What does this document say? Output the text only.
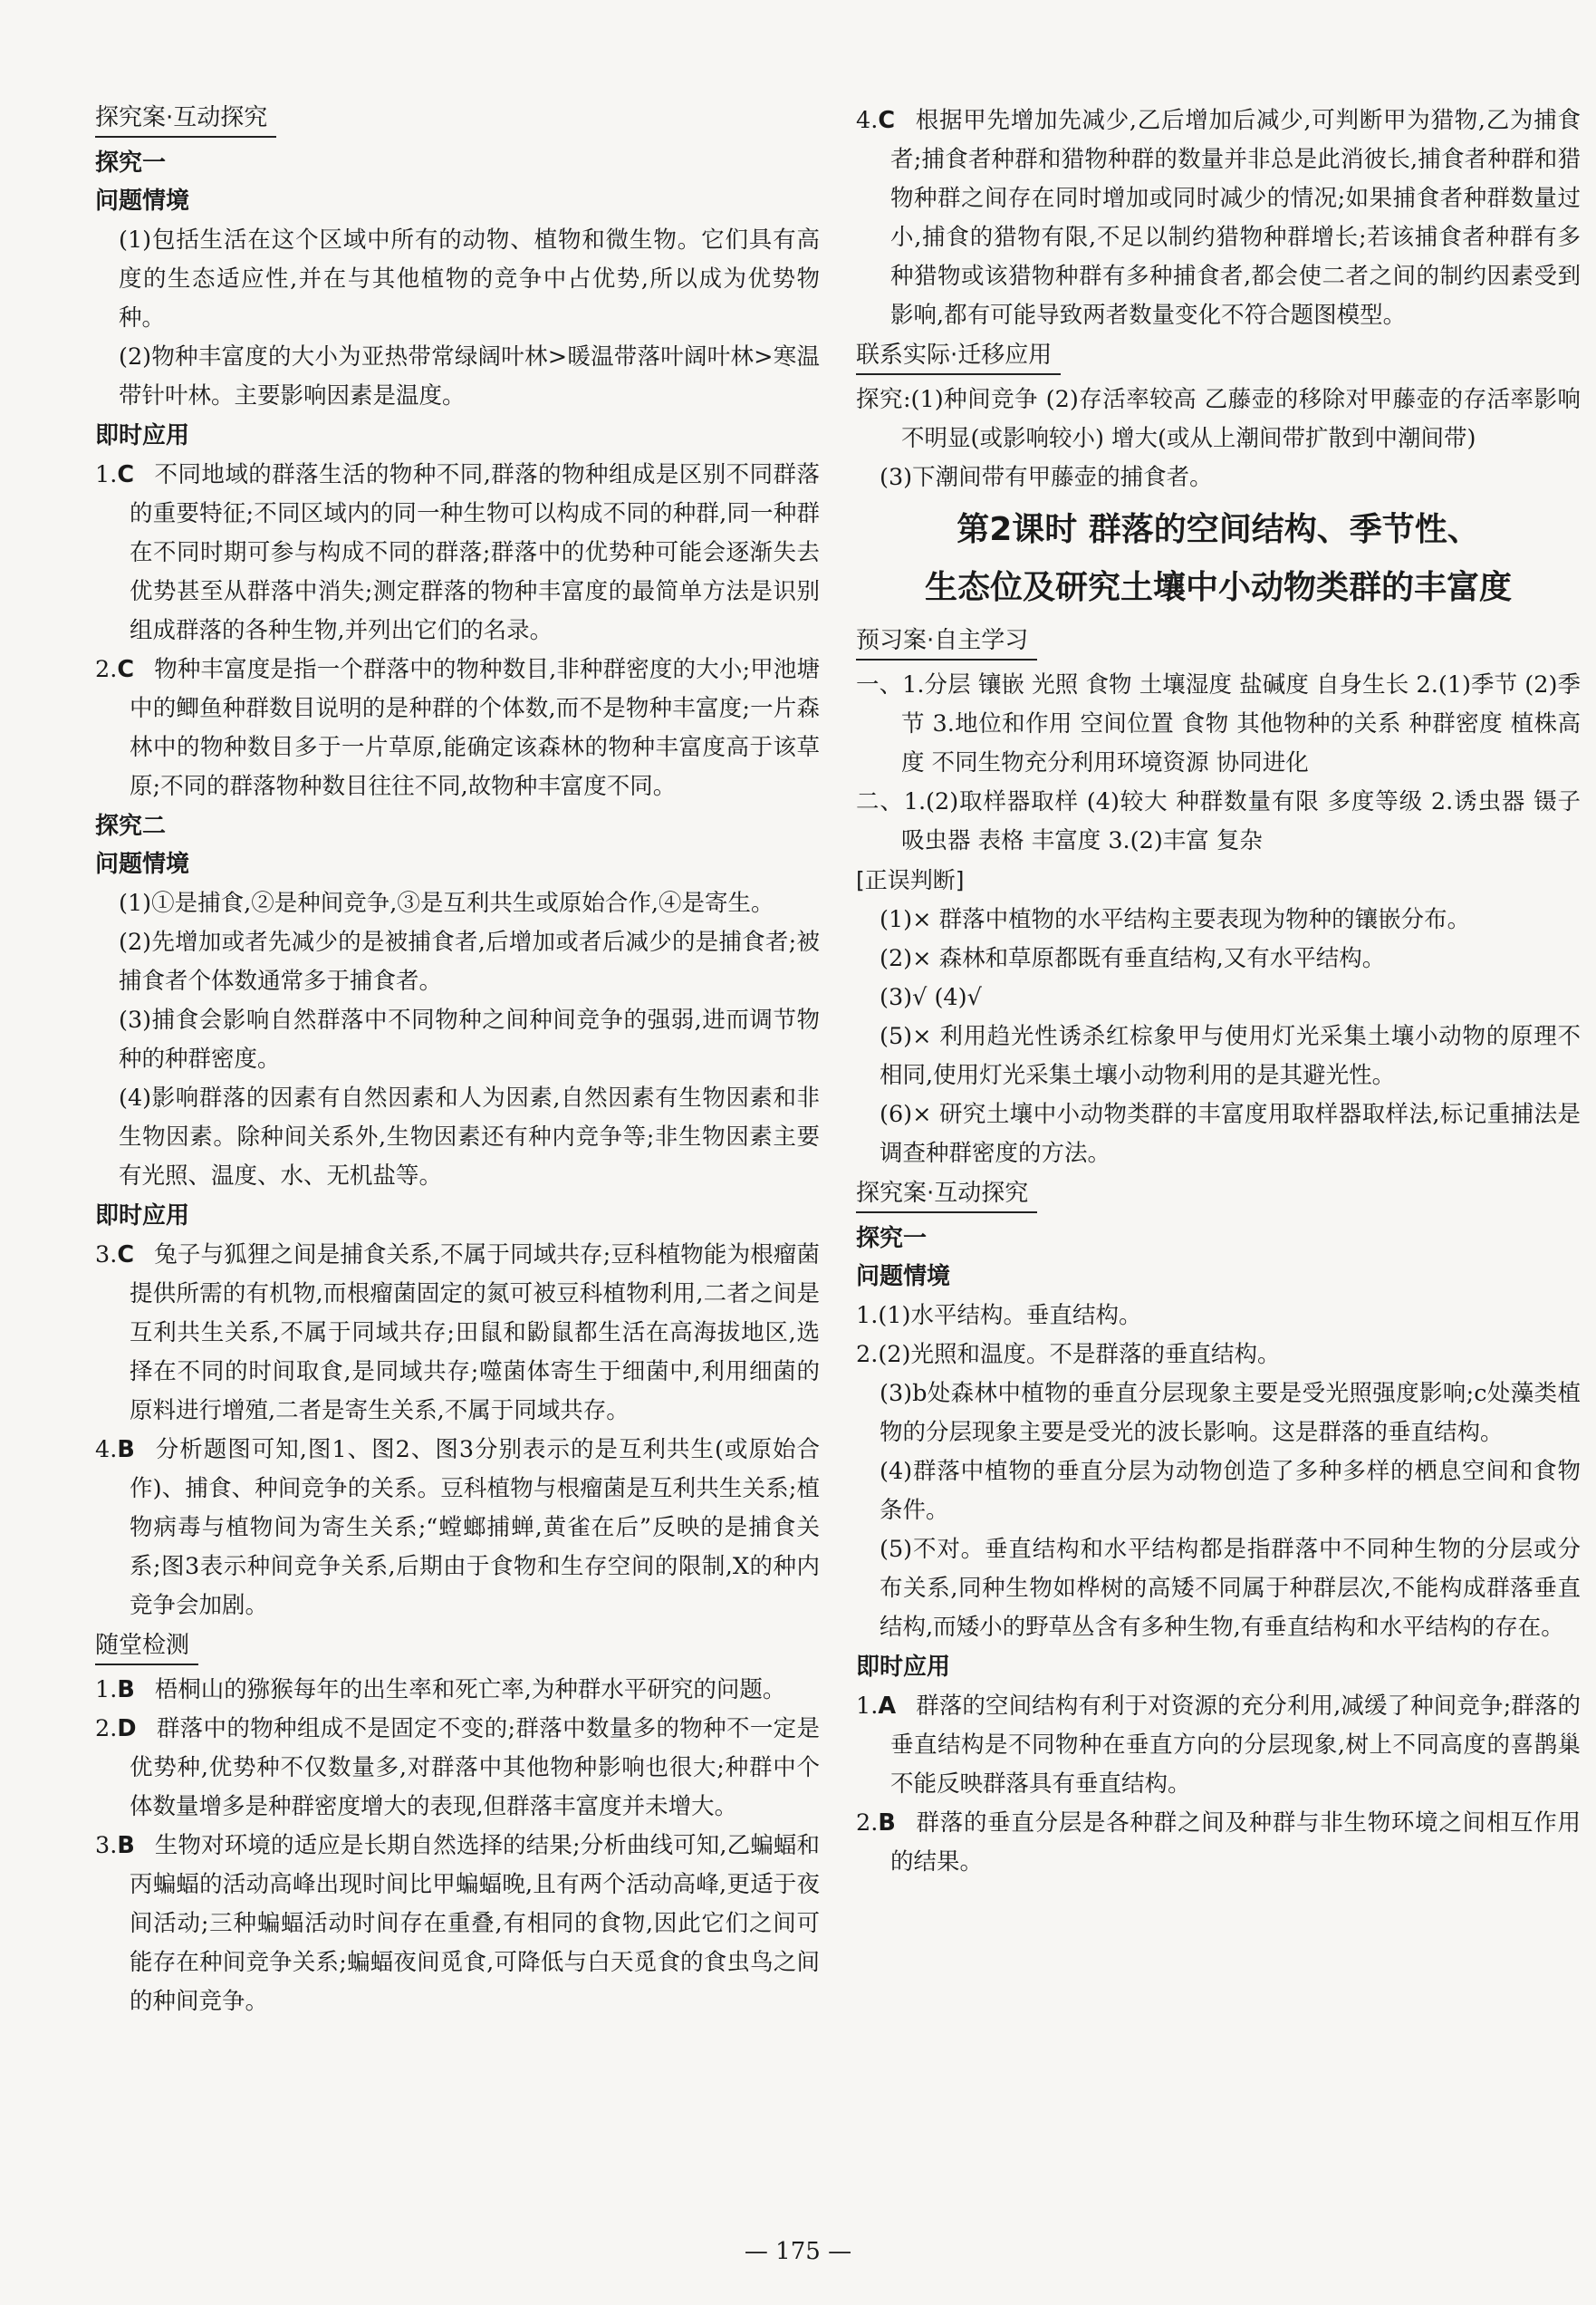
探究案·互动探究
探究一
问题情境

(1)包括生活在这个区域中所有的动物、植物和微生物。它们具有高度的生态适应性,并在与其他植物的竞争中占优势,所以成为优势物种。

(2)物种丰富度的大小为亚热带常绿阔叶林>暖温带落叶阔叶林>寒温带针叶林。主要影响因素是温度。

即时应用

1.C 不同地域的群落生活的物种不同,群落的物种组成是区别不同群落的重要特征;不同区域内的同一种生物可以构成不同的种群,同一种群在不同时期可参与构成不同的群落;群落中的优势种可能会逐渐失去优势甚至从群落中消失;测定群落的物种丰富度的最简单方法是识别组成群落的各种生物,并列出它们的名录。

2.C 物种丰富度是指一个群落中的物种数目,非种群密度的大小;甲池塘中的鲫鱼种群数目说明的是种群的个体数,而不是物种丰富度;一片森林中的物种数目多于一片草原,能确定该森林的物种丰富度高于该草原;不同的群落物种数目往往不同,故物种丰富度不同。

探究二
问题情境

(1)①是捕食,②是种间竞争,③是互利共生或原始合作,④是寄生。

(2)先增加或者先减少的是被捕食者,后增加或者后减少的是捕食者;被捕食者个体数通常多于捕食者。

(3)捕食会影响自然群落中不同物种之间种间竞争的强弱,进而调节物种的种群密度。

(4)影响群落的因素有自然因素和人为因素,自然因素有生物因素和非生物因素。除种间关系外,生物因素还有种内竞争等;非生物因素主要有光照、温度、水、无机盐等。

即时应用

3.C 兔子与狐狸之间是捕食关系,不属于同域共存;豆科植物能为根瘤菌提供所需的有机物,而根瘤菌固定的氮可被豆科植物利用,二者之间是互利共生关系,不属于同域共存;田鼠和鼢鼠都生活在高海拔地区,选择在不同的时间取食,是同域共存;噬菌体寄生于细菌中,利用细菌的原料进行增殖,二者是寄生关系,不属于同域共存。

4.B 分析题图可知,图1、图2、图3分别表示的是互利共生(或原始合作)、捕食、种间竞争的关系。豆科植物与根瘤菌是互利共生关系;植物病毒与植物间为寄生关系;“螳螂捕蝉,黄雀在后”反映的是捕食关系;图3表示种间竞争关系,后期由于食物和生存空间的限制,X的种内竞争会加剧。

随堂检测

1.B 梧桐山的猕猴每年的出生率和死亡率,为种群水平研究的问题。

2.D 群落中的物种组成不是固定不变的;群落中数量多的物种不一定是优势种,优势种不仅数量多,对群落中其他物种影响也很大;种群中个体数量增多是种群密度增大的表现,但群落丰富度并未增大。

3.B 生物对环境的适应是长期自然选择的结果;分析曲线可知,乙蝙蝠和丙蝙蝠的活动高峰出现时间比甲蝙蝠晚,且有两个活动高峰,更适于夜间活动;三种蝙蝠活动时间存在重叠,有相同的食物,因此它们之间可能存在种间竞争关系;蝙蝠夜间觅食,可降低与白天觅食的食虫鸟之间的种间竞争。

4.C 根据甲先增加先减少,乙后增加后减少,可判断甲为猎物,乙为捕食者;捕食者种群和猎物种群的数量并非总是此消彼长,捕食者种群和猎物种群之间存在同时增加或同时减少的情况;如果捕食者种群数量过小,捕食的猎物有限,不足以制约猎物种群增长;若该捕食者种群有多种猎物或该猎物种群有多种捕食者,都会使二者之间的制约因素受到影响,都有可能导致两者数量变化不符合题图模型。

联系实际·迁移应用

探究:(1)种间竞争 (2)存活率较高 乙藤壶的移除对甲藤壶的存活率影响不明显(或影响较小) 增大(或从上潮间带扩散到中潮间带)

(3)下潮间带有甲藤壶的捕食者。

第2课时 群落的空间结构、季节性、
生态位及研究土壤中小动物类群的丰富度
预习案·自主学习

一、1.分层 镶嵌 光照 食物 土壤湿度 盐碱度 自身生长 2.(1)季节 (2)季节 3.地位和作用 空间位置 食物 其他物种的关系 种群密度 植株高度 不同生物充分利用环境资源 协同进化

二、1.(2)取样器取样 (4)较大 种群数量有限 多度等级 2.诱虫器 镊子 吸虫器 表格 丰富度 3.(2)丰富 复杂

[正误判断]

(1)× 群落中植物的水平结构主要表现为物种的镶嵌分布。

(2)× 森林和草原都既有垂直结构,又有水平结构。

(3)√ (4)√

(5)× 利用趋光性诱杀红棕象甲与使用灯光采集土壤小动物的原理不相同,使用灯光采集土壤小动物利用的是其避光性。

(6)× 研究土壤中小动物类群的丰富度用取样器取样法,标记重捕法是调查种群密度的方法。

探究案·互动探究
探究一
问题情境

1.(1)水平结构。垂直结构。

2.(2)光照和温度。不是群落的垂直结构。

(3)b处森林中植物的垂直分层现象主要是受光照强度影响;c处藻类植物的分层现象主要是受光的波长影响。这是群落的垂直结构。

(4)群落中植物的垂直分层为动物创造了多种多样的栖息空间和食物条件。

(5)不对。垂直结构和水平结构都是指群落中不同种生物的分层或分布关系,同种生物如桦树的高矮不同属于种群层次,不能构成群落垂直结构,而矮小的野草丛含有多种生物,有垂直结构和水平结构的存在。

即时应用

1.A 群落的空间结构有利于对资源的充分利用,减缓了种间竞争;群落的垂直结构是不同物种在垂直方向的分层现象,树上不同高度的喜鹊巢不能反映群落具有垂直结构。

2.B 群落的垂直分层是各种群之间及种群与非生物环境之间相互作用的结果。

— 175 —
